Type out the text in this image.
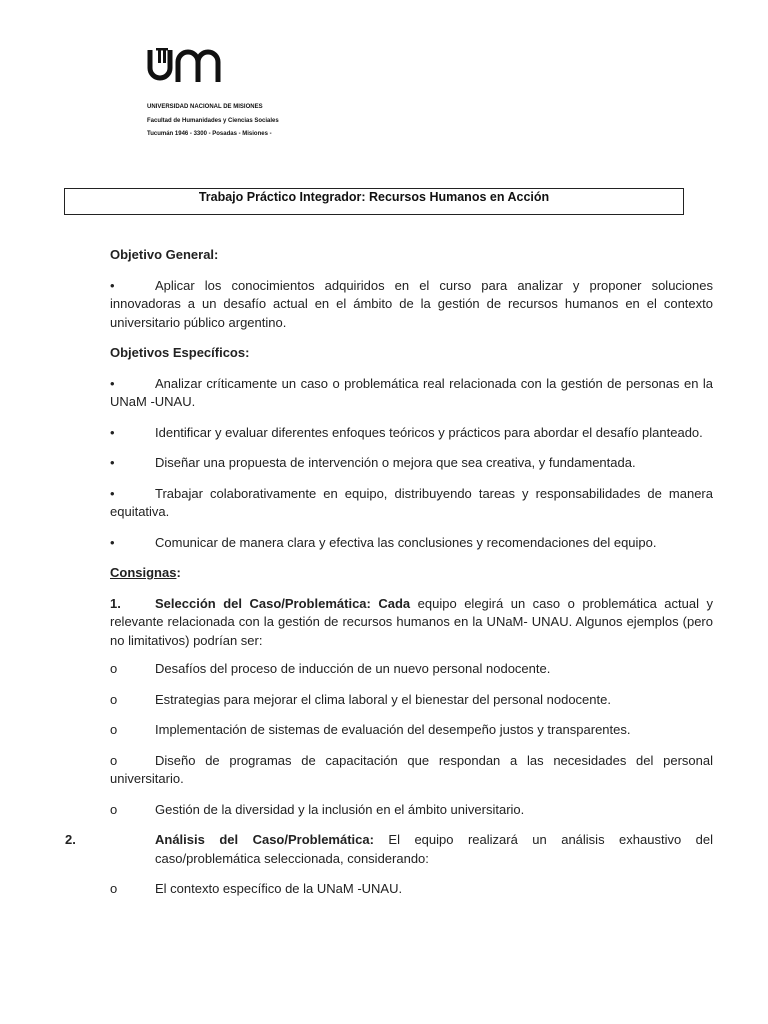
UNIVERSIDAD NACIONAL DE MISIONES
Facultad de Humanidades y Ciencias Sociales
Tucumán 1946 - 3300 - Posadas - Misiones -
Trabajo Práctico Integrador: Recursos Humanos en Acción

Objetivo General:

•	Aplicar los conocimientos adquiridos en el curso para analizar y proponer soluciones innovadoras a un desafío actual en el ámbito de la gestión de recursos humanos en el contexto universitario público argentino.

Objetivos Específicos:

•	Analizar críticamente un caso o problemática real relacionada con la gestión de personas en la UNaM -UNAU.

•	Identificar y evaluar diferentes enfoques teóricos y prácticos para abordar el desafío planteado.

•	Diseñar una propuesta de intervención o mejora que sea creativa, y fundamentada.

•	Trabajar colaborativamente en equipo, distribuyendo tareas y responsabilidades de manera equitativa.

•	Comunicar de manera clara y efectiva las conclusiones y recomendaciones del equipo.

Consignas:

1.	Selección del Caso/Problemática: Cada equipo elegirá un caso o problemática actual y relevante relacionada con la gestión de recursos humanos en la UNaM- UNAU. Algunos ejemplos (pero no limitativos) podrían ser:

o	Desafíos del proceso de inducción de un nuevo personal nodocente.

o	Estrategias para mejorar el clima laboral y el bienestar del personal nodocente.

o	Implementación de sistemas de evaluación del desempeño justos y transparentes.

o	Diseño de programas de capacitación que respondan a las necesidades del personal universitario.

o	Gestión de la diversidad y la inclusión en el ámbito universitario.

2.	Análisis del Caso/Problemática: El equipo realizará un análisis exhaustivo del caso/problemática seleccionada, considerando:

o	El contexto específico de la UNaM -UNAU.
